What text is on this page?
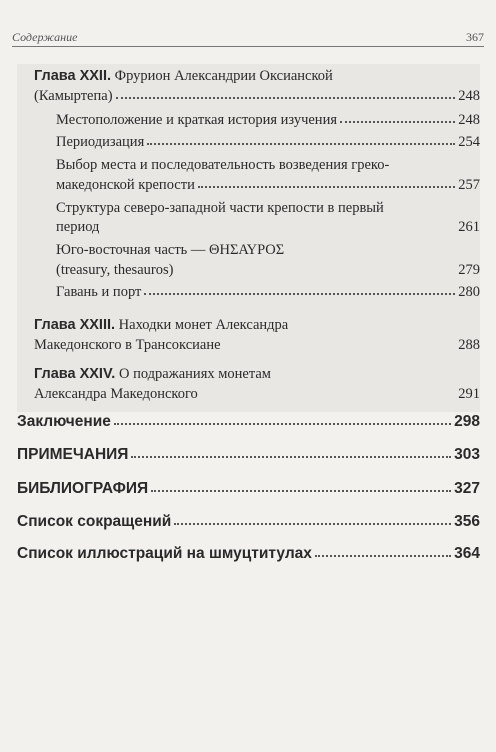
Содержание	367
Глава XXII. Фрурион Александрии Оксианской
(Камыртепа)	248
Местоположение и краткая история изучения	248
Периодизация	254
Выбор места и последовательность возведения греко-
македонской крепости	257
Структура северо-западной части крепости в первый
период	261
Юго-восточная часть — ΘΗΣΑΥΡΟΣ
(treasury, thesauros)	279
Гавань и порт	280
Глава XXIII. Находки монет Александра
Македонского в Трансоксиане	288
Глава XXIV. О подражаниях монетам
Александра Македонского	291
Заключение	298
ПРИМЕЧАНИЯ	303
БИБЛИОГРАФИЯ	327
Список сокращений	356
Список иллюстраций на шмуцтитулах	364
